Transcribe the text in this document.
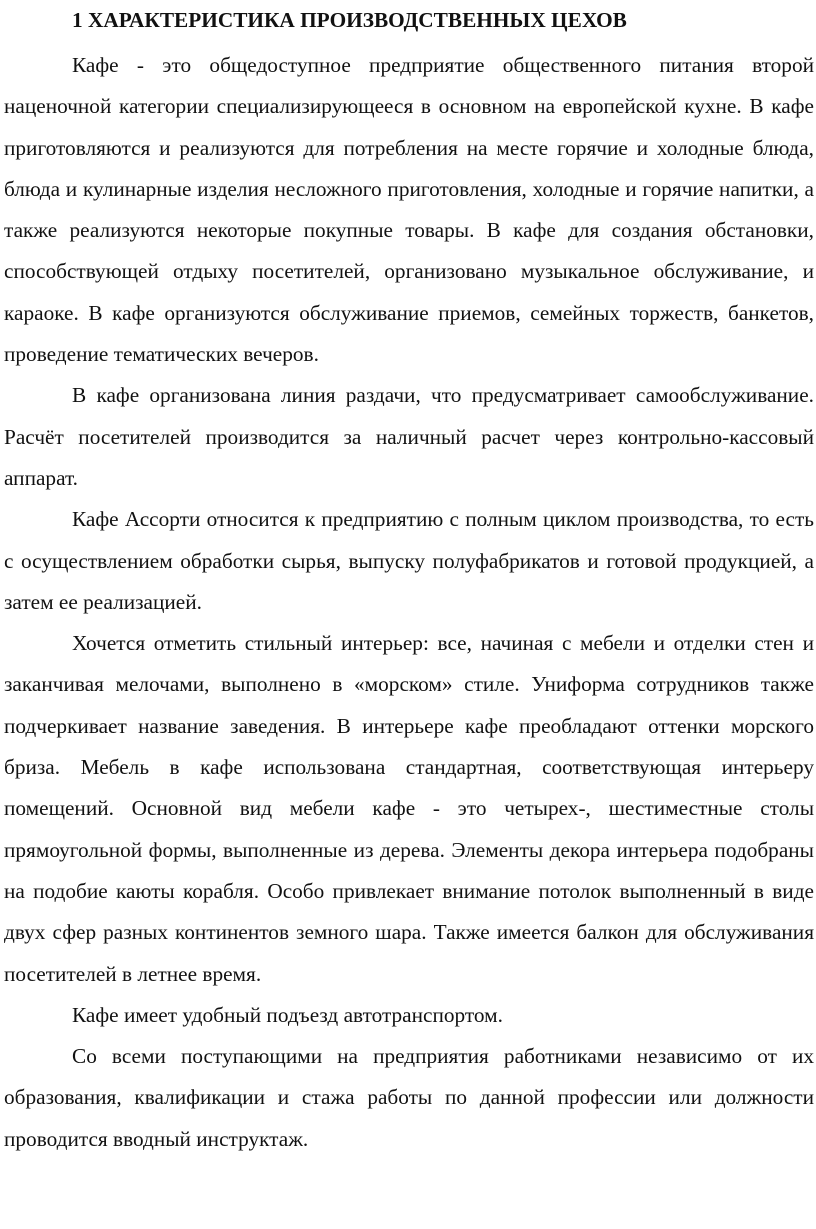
1 ХАРАКТЕРИСТИКА ПРОИЗВОДСТВЕННЫХ ЦЕХОВ

Кафе - это общедоступное предприятие общественного питания второй наценочной категории специализирующееся в основном на европейской кухне. В кафе приготовляются и реализуются для потребления на месте горячие и холодные блюда, блюда и кулинарные изделия несложного приготовления, холодные и горячие напитки, а также реализуются некоторые покупные товары. В кафе для создания обстановки, способствующей отдыху посетителей, организовано музыкальное обслуживание, и караоке. В кафе организуются обслуживание приемов, семейных торжеств, банкетов, проведение тематических вечеров.

В кафе организована линия раздачи, что предусматривает самообслуживание. Расчёт посетителей производится за наличный расчет через контрольно-кассовый аппарат.

Кафе Ассорти относится к предприятию с полным циклом производства, то есть с осуществлением обработки сырья, выпуску полуфабрикатов и готовой продукцией, а затем ее реализацией.

Хочется отметить стильный интерьер: все, начиная с мебели и отделки стен и заканчивая мелочами, выполнено в «морском» стиле. Униформа сотрудников также подчеркивает название заведения. В интерьере кафе преобладают оттенки морского бриза. Мебель в кафе использована стандартная, соответствующая интерьеру помещений. Основной вид мебели кафе - это четырех-, шестиместные столы прямоугольной формы, выполненные из дерева. Элементы декора интерьера подобраны на подобие каюты корабля. Особо привлекает внимание потолок выполненный в виде двух сфер разных континентов земного шара. Также имеется балкон для обслуживания посетителей в летнее время.

Кафе имеет удобный подъезд автотранспортом.

Со всеми поступающими на предприятия работниками независимо от их образования, квалификации и стажа работы по данной профессии или должности проводится вводный инструктаж.
